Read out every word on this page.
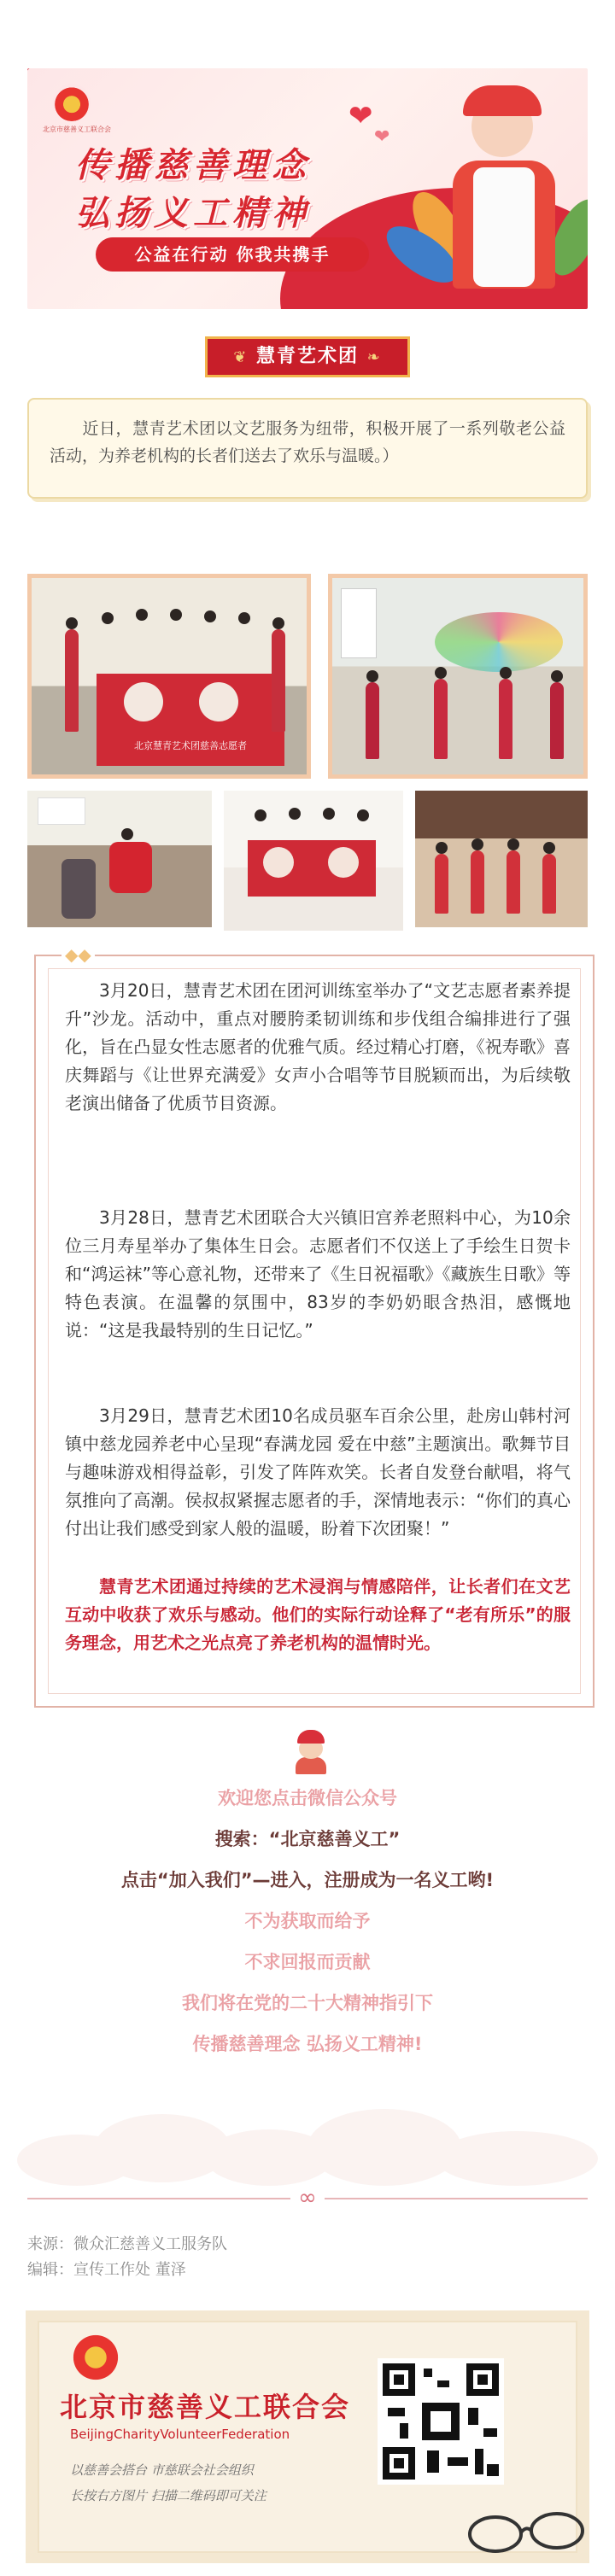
北京市慈善义工联合会
传播慈善理念
弘扬义工精神
公益在行动 你我共携手
❤
❤
❦ 慧青艺术团 ❧
近日，慧青艺术团以文艺服务为纽带，积极开展了一系列敬老公益活动，为养老机构的长者们送去了欢乐与温暖。）
北京慧青艺术团慈善志愿者
◆◆
3月20日，慧青艺术团在团河训练室举办了“文艺志愿者素养提升”沙龙。活动中，重点对腰胯柔韧训练和步伐组合编排进行了强化，旨在凸显女性志愿者的优雅气质。经过精心打磨，《祝寿歌》喜庆舞蹈与《让世界充满爱》女声小合唱等节目脱颖而出，为后续敬老演出储备了优质节目资源。
3月28日，慧青艺术团联合大兴镇旧宫养老照料中心，为10余位三月寿星举办了集体生日会。志愿者们不仅送上了手绘生日贺卡和“鸿运袜”等心意礼物，还带来了《生日祝福歌》《藏族生日歌》等特色表演。在温馨的氛围中，83岁的李奶奶眼含热泪，感慨地说：“这是我最特别的生日记忆。”
3月29日，慧青艺术团10名成员驱车百余公里，赴房山韩村河镇中慈龙园养老中心呈现“春满龙园 爱在中慈”主题演出。歌舞节目与趣味游戏相得益彰，引发了阵阵欢笑。长者自发登台献唱，将气氛推向了高潮。侯叔叔紧握志愿者的手，深情地表示：“你们的真心付出让我们感受到家人般的温暖，盼着下次团聚！”
慧青艺术团通过持续的艺术浸润与情感陪伴，让长者们在文艺互动中收获了欢乐与感动。他们的实际行动诠释了“老有所乐”的服务理念，用艺术之光点亮了养老机构的温情时光。
欢迎您点击微信公众号
搜索：“北京慈善义工”
点击“加入我们”—进入，注册成为一名义工哟!
不为获取而给予
不求回报而贡献
我们将在党的二十大精神指引下
传播慈善理念 弘扬义工精神!
∞
来源：微众汇慈善义工服务队
编辑：宣传工作处 董泽
北京市慈善义工联合会
BeijingCharityVolunteerFederation
以慈善会搭台 市慈联会社会组织
长按右方图片 扫描二维码即可关注
